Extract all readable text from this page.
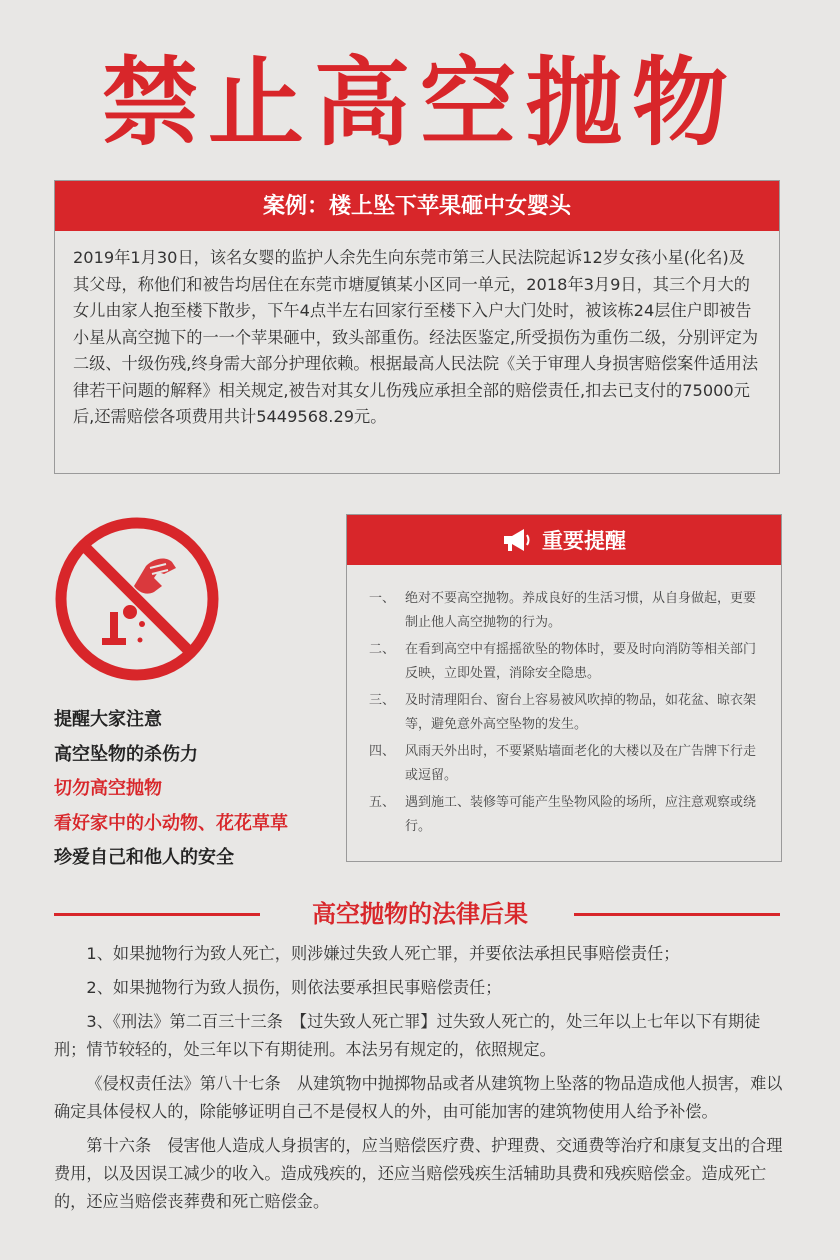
禁止高空抛物
案例：楼上坠下苹果砸中女婴头
2019年1月30日，该名女婴的监护人余先生向东莞市第三人民法院起诉12岁女孩小星(化名)及其父母，称他们和被告均居住在东莞市塘厦镇某小区同一单元，2018年3月9日，其三个月大的女儿由家人抱至楼下散步，下午4点半左右回家行至楼下入户大门处时，被该栋24层住户即被告小星从高空抛下的一一个苹果砸中，致头部重伤。经法医鉴定,所受损伤为重伤二级，分别评定为二级、十级伤残,终身需大部分护理依赖。根据最高人民法院《关于审理人身损害赔偿案件适用法律若干问题的解释》相关规定,被告对其女儿伤残应承担全部的赔偿责任,扣去已支付的75000元后,还需赔偿各项费用共计5449568.29元。
重要提醒
一、 绝对不要高空抛物。养成良好的生活习惯，从自身做起，更要制止他人高空抛物的行为。
二、 在看到高空中有摇摇欲坠的物体时，要及时向消防等相关部门反映，立即处置，消除安全隐患。
三、 及时清理阳台、窗台上容易被风吹掉的物品，如花盆、晾衣架等，避免意外高空坠物的发生。
四、 风雨天外出时，不要紧贴墙面老化的大楼以及在广告牌下行走或逗留。
五、 遇到施工、装修等可能产生坠物风险的场所，应注意观察或绕行。
提醒大家注意
高空坠物的杀伤力
切勿高空抛物
看好家中的小动物、花花草草
珍爱自己和他人的安全
高空抛物的法律后果

1、如果抛物行为致人死亡，则涉嫌过失致人死亡罪，并要依法承担民事赔偿责任；

2、如果抛物行为致人损伤，则依法要承担民事赔偿责任；

3、《刑法》第二百三十三条　【过失致人死亡罪】过失致人死亡的，处三年以上七年以下有期徒刑；情节较轻的，处三年以下有期徒刑。本法另有规定的，依照规定。

《侵权责任法》第八十七条　从建筑物中抛掷物品或者从建筑物上坠落的物品造成他人损害，难以确定具体侵权人的，除能够证明自己不是侵权人的外，由可能加害的建筑物使用人给予补偿。

第十六条　侵害他人造成人身损害的，应当赔偿医疗费、护理费、交通费等治疗和康复支出的合理费用，以及因误工减少的收入。造成残疾的，还应当赔偿残疾生活辅助具费和残疾赔偿金。造成死亡的，还应当赔偿丧葬费和死亡赔偿金。
